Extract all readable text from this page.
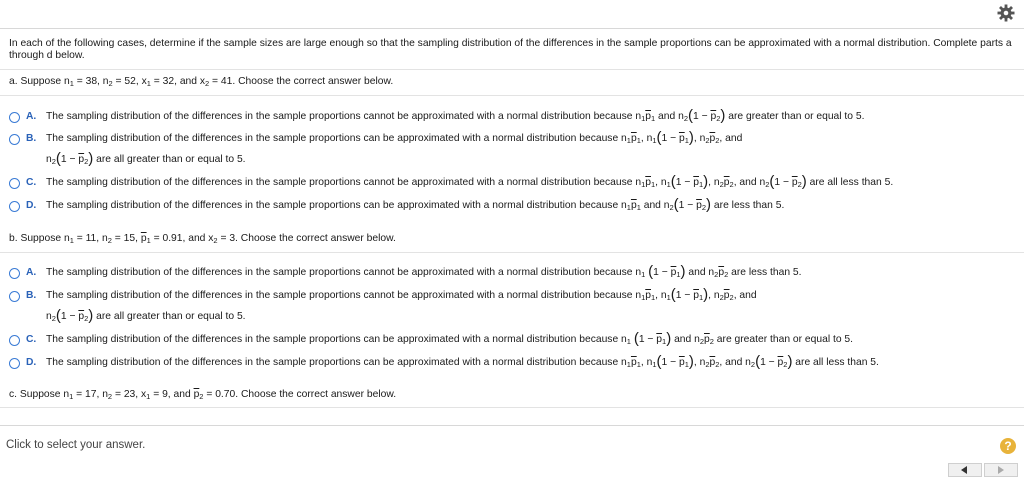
In each of the following cases, determine if the sample sizes are large enough so that the sampling distribution of the differences in the sample proportions can be approximated with a normal distribution. Complete parts a through d below.

a. Suppose $n_1 = 38$, $n_2 = 52$, $x_1 = 32$, and $x_2 = 41$. Choose the correct answer below.
A. The sampling distribution of the differences in the sample proportions cannot be approximated with a normal distribution because $n_1\overline{p}_1$ and $n_2(1 - \overline{p}_2)$ are greater than or equal to 5.
B. The sampling distribution of the differences in the sample proportions can be approximated with a normal distribution because $n_1\overline{p}_1$, $n_1(1 - \overline{p}_1)$, $n_2\overline{p}_2$, and
$n_2(1 - \overline{p}_2)$ are all greater than or equal to 5.
C. The sampling distribution of the differences in the sample proportions cannot be approximated with a normal distribution because $n_1\overline{p}_1$, $n_1(1 - \overline{p}_1)$, $n_2\overline{p}_2$, and $n_2(1 - \overline{p}_2)$ are all less than 5.
D. The sampling distribution of the differences in the sample proportions can be approximated with a normal distribution because $n_1\overline{p}_1$ and $n_2(1 - \overline{p}_2)$ are less than 5.
b. Suppose $n_1 = 11$, $n_2 = 15$, $\overline{p}_1 = 0.91$, and $x_2 = 3$. Choose the correct answer below.
A. The sampling distribution of the differences in the sample proportions cannot be approximated with a normal distribution because $n_1$ $(1 - \overline{p}_1)$ and $n_2\overline{p}_2$ are less than 5.
B. The sampling distribution of the differences in the sample proportions cannot be approximated with a normal distribution because $n_1\overline{p}_1$, $n_1(1 - \overline{p}_1)$, $n_2\overline{p}_2$, and
$n_2(1 - \overline{p}_2)$ are all greater than or equal to 5.
C. The sampling distribution of the differences in the sample proportions can be approximated with a normal distribution because $n_1$ $(1 - \overline{p}_1)$ and $n_2\overline{p}_2$ are greater than or equal to 5.
D. The sampling distribution of the differences in the sample proportions can be approximated with a normal distribution because $n_1\overline{p}_1$, $n_1(1 - \overline{p}_1)$, $n_2\overline{p}_2$, and $n_2(1 - \overline{p}_2)$ are all less than 5.
c. Suppose $n_1 = 17$, $n_2 = 23$, $x_1 = 9$, and $\overline{p}_2 = 0.70$. Choose the correct answer below.
Click to select your answer.	?
